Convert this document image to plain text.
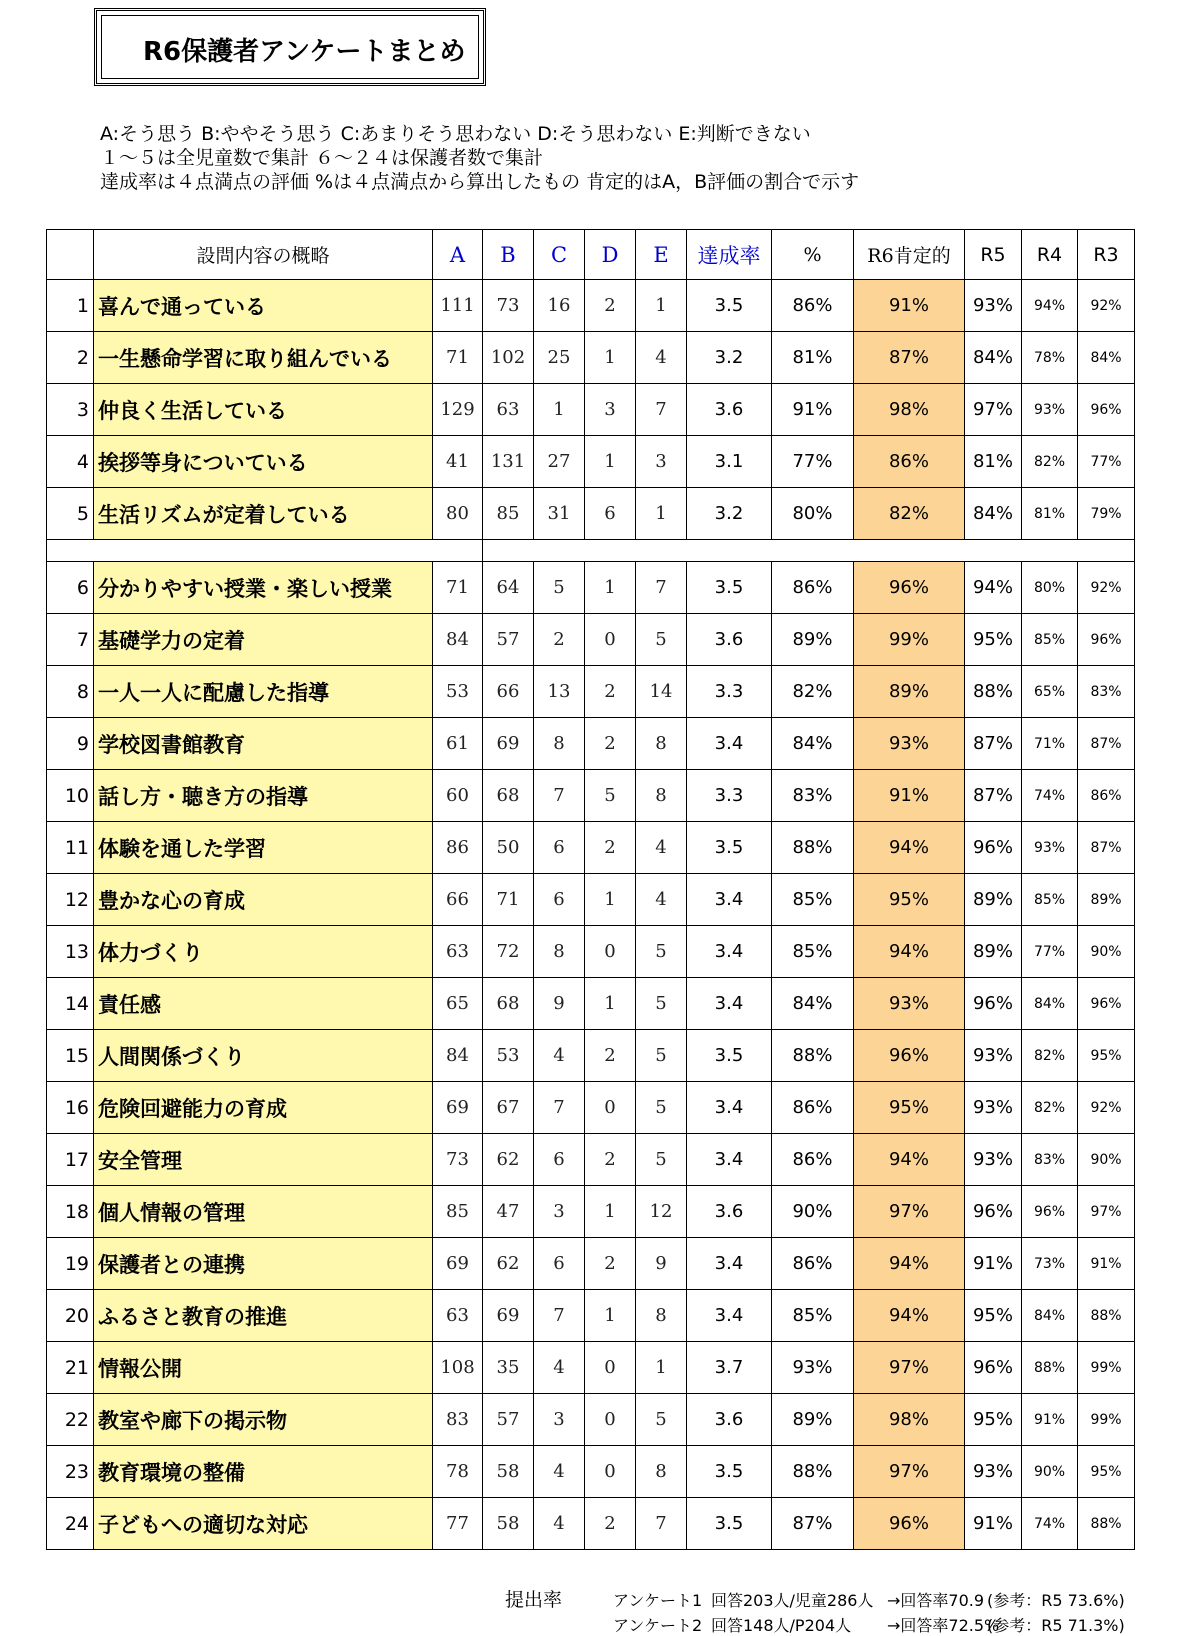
R6保護者アンケートまとめ
A:そう思う B:ややそう思う C:あまりそう思わない D:そう思わない E:判断できない
１～５は全児童数で集計 ６～２４は保護者数で集計
達成率は４点満点の評価 %は４点満点から算出したもの 肯定的はA，B評価の割合で示す
	設問内容の概略	A	B	C	D	E	達成率	%	R6肯定的	R5	R4	R3
1	喜んで通っている	111	73	16	2	1	3.5	86%	91%	93%	94%	92%
2	一生懸命学習に取り組んでいる	71	102	25	1	4	3.2	81%	87%	84%	78%	84%
3	仲良く生活している	129	63	1	3	7	3.6	91%	98%	97%	93%	96%
4	挨拶等身についている	41	131	27	1	3	3.1	77%	86%	81%	82%	77%
5	生活リズムが定着している	80	85	31	6	1	3.2	80%	82%	84%	81%	79%

6	分かりやすい授業・楽しい授業	71	64	5	1	7	3.5	86%	96%	94%	80%	92%
7	基礎学力の定着	84	57	2	0	5	3.6	89%	99%	95%	85%	96%
8	一人一人に配慮した指導	53	66	13	2	14	3.3	82%	89%	88%	65%	83%
9	学校図書館教育	61	69	8	2	8	3.4	84%	93%	87%	71%	87%
10	話し方・聴き方の指導	60	68	7	5	8	3.3	83%	91%	87%	74%	86%
11	体験を通した学習	86	50	6	2	4	3.5	88%	94%	96%	93%	87%
12	豊かな心の育成	66	71	6	1	4	3.4	85%	95%	89%	85%	89%
13	体力づくり	63	72	8	0	5	3.4	85%	94%	89%	77%	90%
14	責任感	65	68	9	1	5	3.4	84%	93%	96%	84%	96%
15	人間関係づくり	84	53	4	2	5	3.5	88%	96%	93%	82%	95%
16	危険回避能力の育成	69	67	7	0	5	3.4	86%	95%	93%	82%	92%
17	安全管理	73	62	6	2	5	3.4	86%	94%	93%	83%	90%
18	個人情報の管理	85	47	3	1	12	3.6	90%	97%	96%	96%	97%
19	保護者との連携	69	62	6	2	9	3.4	86%	94%	91%	73%	91%
20	ふるさと教育の推進	63	69	7	1	8	3.4	85%	94%	95%	84%	88%
21	情報公開	108	35	4	0	1	3.7	93%	97%	96%	88%	99%
22	教室や廊下の掲示物	83	57	3	0	5	3.6	89%	98%	95%	91%	99%
23	教育環境の整備	78	58	4	0	8	3.5	88%	97%	93%	90%	95%
24	子どもへの適切な対応	77	58	4	2	7	3.5	87%	96%	91%	74%	88%
提出率	アンケート1 回答203人/児童286人 →回答率70.9 (参考：R5 73.6%)
アンケート2 回答148人/P204人 →回答率72.5%(参考：R5 71.3%)
